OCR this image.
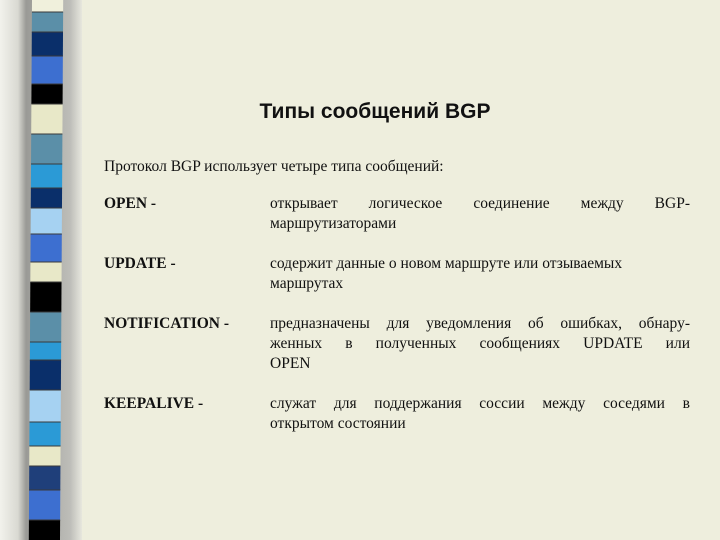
Типы сообщений BGP
Протокол BGP использует четыре типа сообщений:
OPEN -	открывает логическое соединение между BGP-
маршрутизаторами
UPDATE -	содержит данные о новом маршруте или отзываемых
маршрутах
NOTIFICATION -	предназначены для уведомления об ошибках, обнару-
женных в полученных сообщениях UPDATE или
OPEN
KEEPALIVE -	служат для поддержания соссии между соседями в
открытом состоянии
